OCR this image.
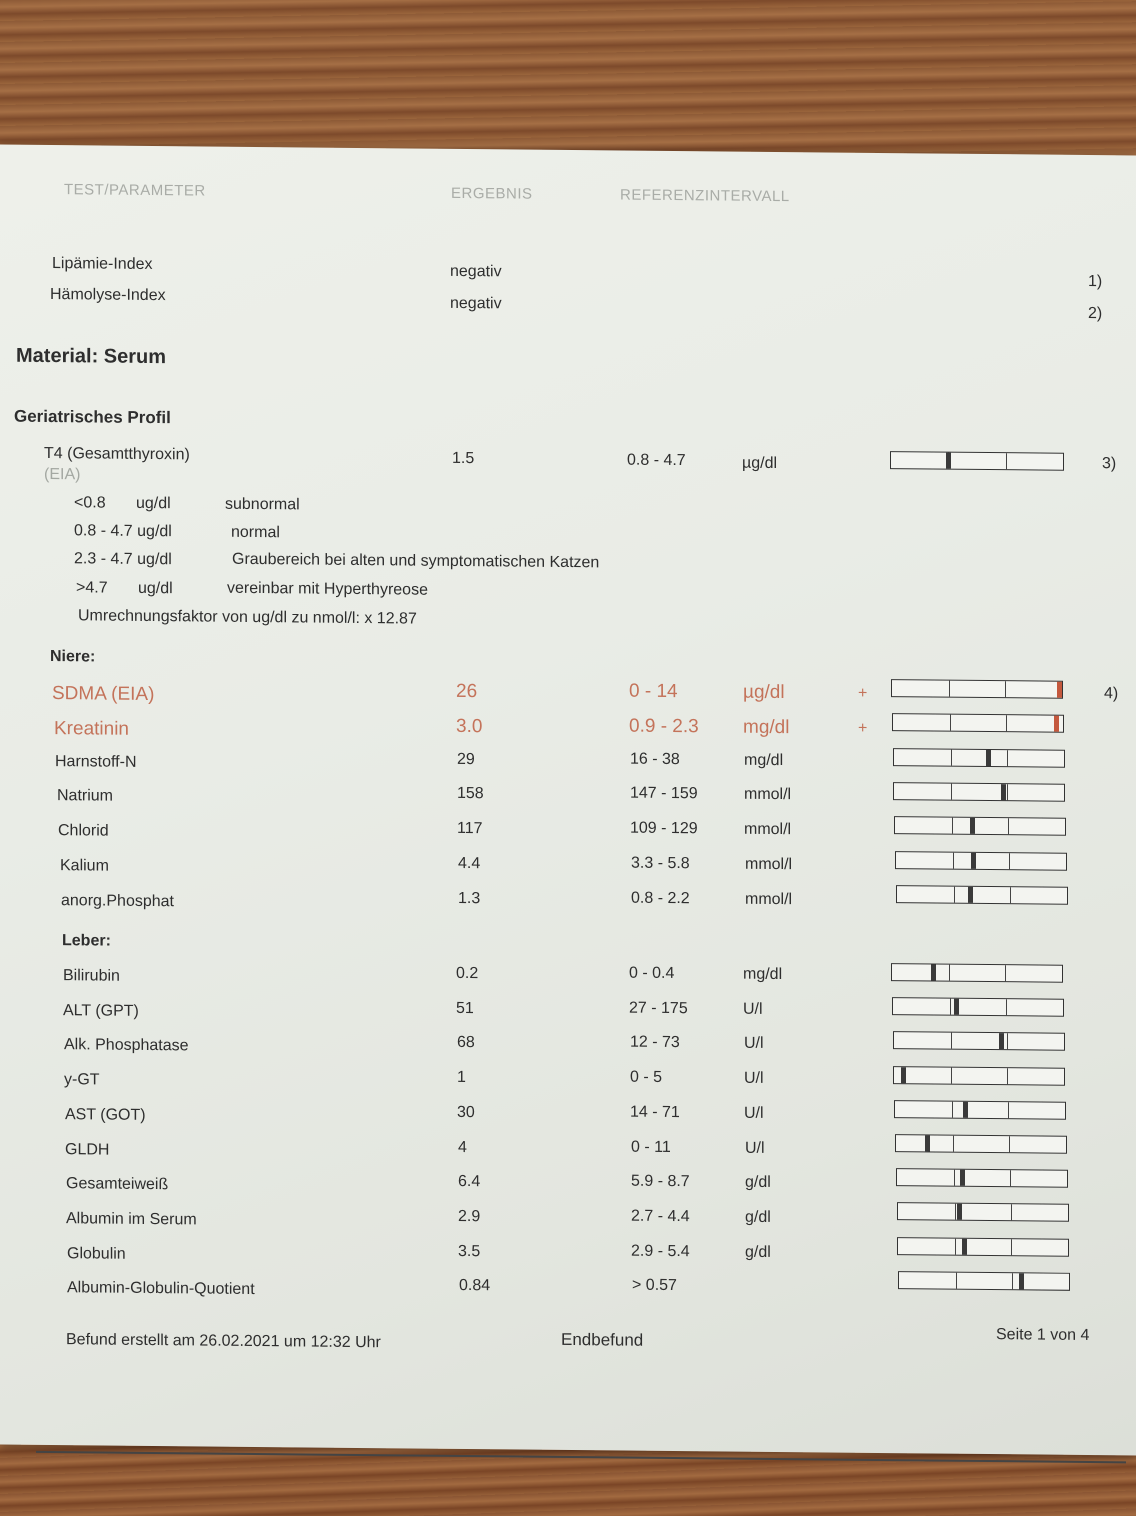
TEST/PARAMETER	ERGEBNIS	REFERENZINTERVALL
Lipämie-Index	negativ
1)
Hämolyse-Index	negativ
2)
Material: Serum
Geriatrisches Profil
T4 (Gesamtthyroxin)
(EIA)
1.5	0.8 - 4.7	µg/dl	3)
<0.8 ug/dl	subnormal
0.8 - 4.7 ug/dl	normal
2.3 - 4.7 ug/dl	Graubereich bei alten und symptomatischen Katzen
>4.7 ug/dl	vereinbar mit Hyperthyreose
Umrechnungsfaktor von ug/dl zu nmol/l: x 12.87
Niere:
SDMA (EIA)	26	0 - 14	µg/dl	+	4)
Kreatinin	3.0	0.9 - 2.3 mg/dl	+
Harnstoff-N	29	16 - 38	mg/dl
Natrium	158	147 - 159	mmol/l
Chlorid	117	109 - 129	mmol/l
Kalium	4.4	3.3 - 5.8	mmol/l
anorg.Phosphat	1.3	0.8 - 2.2	mmol/l
Leber:
Bilirubin	0.2	0 - 0.4	mg/dl
ALT (GPT)	51	27 - 175	U/l
Alk. Phosphatase	68	12 - 73	U/l
y-GT	1	0 - 5	U/l
AST (GOT)	30	14 - 71	U/l
GLDH	4	0 - 11	U/l
Gesamteiweiß	6.4	5.9 - 8.7	g/dl
Albumin im Serum	2.9	2.7 - 4.4	g/dl
Globulin	3.5	2.9 - 5.4	g/dl
Albumin-Globulin-Quotient	0.84	> 0.57
Befund erstellt am 26.02.2021 um 12:32 Uhr	Endbefund	Seite 1 von 4
